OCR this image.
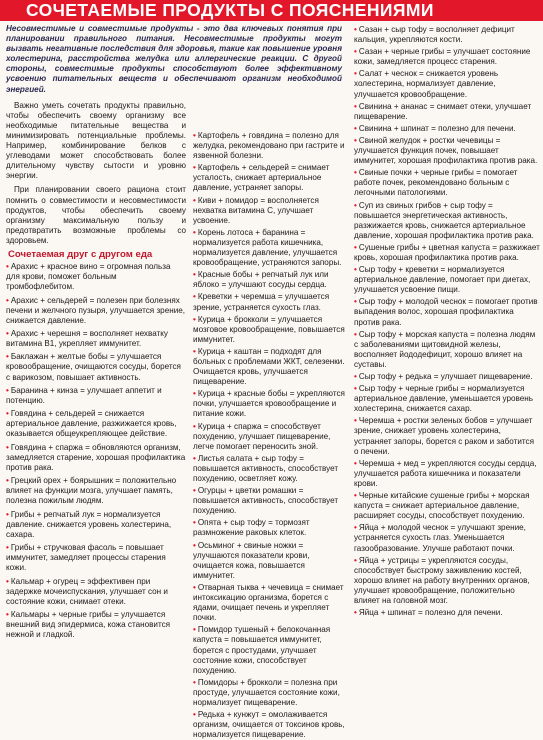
СОЧЕТАЕМЫЕ ПРОДУКТЫ С ПОЯСНЕНИЯМИ
Несовместимые и совместимые продукты - это два ключевых понятия при планировании правильного питания. Несовместимые продукты могут вызвать негативные последствия для здоровья, такие как повышение уровня холестерина, расстройства желудка или аллергические реакции. С другой стороны, совместимые продукты способствуют более эффективному усвоению питательных веществ и обеспечивают организм необходимой энергией.
Важно уметь сочетать продукты правильно, чтобы обеспечить своему организму все необходимые питательные вещества и минимизировать потенциальные проблемы. Например, комбинирование белков с углеводами может способствовать более длительному чувству сытости и уровню энергии.
При планировании своего рациона стоит помнить о совместимости и несовместимости продуктов, чтобы обеспечить своему организму максимальную пользу и предотвратить возможные проблемы со здоровьем.
Сочетаемая друг с другом еда
• Арахис + красное вино = огромная польза для крови, поможет больным тромбофлебитом.
• Арахис + сельдерей = полезен при болезнях печени и желчного пузыря, улучшается зрение, снижается давление.
• Арахис + черешня = восполняет нехватку витамина В1, укрепляет иммунитет.
• Баклажан + желтые бобы = улучшается кровообращение, очищаются сосуды, борется с варикозом, повышает активность.
• Баранина + кинза = улучшает аппетит и потенцию.
• Говядина + сельдерей = снижается артериальное давление, разжижается кровь, оказывается общеукрепляющее действие.
• Говядина + спаржа = обновляются организм, замедляется старение, хорошая профилактика против рака.
• Грецкий орех + боярышник = положительно влияет на функции мозга, улучшает память, полезна пожилым людям.
• Грибы + репчатый лук = нормализуется давление. снижается уровень холестерина, сахара.
• Грибы + стручковая фасоль = повышает иммунитет, замедляет процессы старения кожи.
• Кальмар + огурец = эффективен при задержке мочеиспускания, улучшает сон и состояние кожи, снимает отеки.
• Кальмары + черные грибы = улучшается внешний вид эпидермиса, кожа становится нежной и гладкой.
• Картофель + говядина = полезно для желудка, рекомендовано при гастрите и язвенной болезни.
• Картофель + сельдерей = снимает усталость, снижает артериальное давление, устраняет запоры.
• Киви + помидор = восполняется нехватка витамина С, улучшает усвоение.
• Корень лотоса + баранина = нормализуется работа кишечника, нормализуется давление, улучшается кровообращение, устраняются запоры.
• Красные бобы + репчатый лук или яблоко = улучшают сосуды сердца.
• Креветки + черемша = улучшается зрение, устраняется сухость глаз.
• Курица + брокколи = улучшается мозговое кровообращение, повышается иммунитет.
• Курица + каштан = подходят для больных с проблемами ЖКТ, селезенки. Очищается кровь, улучшается пищеварение.
• Курица + красные бобы = укрепляются почки, улучшается кровообращение и питание кожи.
• Курица + спаржа = способствует похудению, улучшает пищеварение, легче помогает переносить зной.
• Листья салата + сыр тофу = повышается активность, способствует похудению, осветляет кожу.
• Огурцы + цветки ромашки = повышается активность, способствует похудению.
• Опята + сыр тофу = тормозят размножение раковых клеток.
• Осьминог + свиные ножки = улучшаются показатели крови, очищается кожа, повышается иммунитет.
• Отварная тыква + чечевица = снимает интоксикацию организма, борется с ядами, очищает печень и укрепляет почки.
• Помидор тушеный + белокочанная капуста = повышается иммунитет, борется с простудами, улучшает состояние кожи, способствует похудению.
• Помидоры + брокколи = полезна при простуде, улучшается состояние кожи, нормализует пищеварение.
• Редька + кунжут = омолаживается организм, очищается от токсинов кровь, нормализуется пищеварение.
• Сазан + сыр тофу = восполняет дефицит кальция, укрепляются кости.
• Сазан + черные грибы = улучшает состояние кожи, замедляется процесс старения.
• Салат + чеснок = снижается уровень холестерина, нормализует давление, улучшается кровообращение.
• Свинина + ананас = снимает отеки, улучшает пищеварение.
• Свинина + шпинат = полезно для печени.
• Свиной желудок + ростки чечевицы = улучшается функция почек, повышает иммунитет, хорошая профилактика против рака.
• Свиные почки + черные грибы = помогает работе почек, рекомендовано больным с легочными патологиями.
• Суп из свиных грибов + сыр тофу = повышается энергетическая активность, разжижается кровь, снижается артериальное давление, хорошая профилактика против рака.
• Сушеные грибы + цветная капуста = разжижает кровь, хорошая профилактика против рака.
• Сыр тофу + креветки = нормализуется артериальное давление, помогает при диетах, улучшается усвоение пищи.
• Сыр тофу + молодой чеснок = помогает против выпадения волос, хорошая профилактика против рака.
• Сыр тофу + морская капуста = полезна людям с заболеваниями щитовидной железы, восполняет йододефицит, хорошо влияет на суставы.
• Сыр тофу + редька = улучшает пищеварение.
• Сыр тофу + черные грибы = нормализуется артериальное давление, уменьшается уровень холестерина, снижается сахар.
• Черемша + ростки зеленых бобов = улучшает зрение, снижает уровень холестерина, устраняет запоры, борется с раком и заботится о печени.
• Черемша + мед = укрепляются сосуды сердца, улучшается работа кишечника и показатели крови.
• Черные китайские сушеные грибы + морская капуста = снижает артериальное давление, расширяет сосуды, способствует похудению.
• Яйца + молодой чеснок = улучшают зрение, устраняется сухость глаз. Уменьшается газообразование. Улучше работают почки.
• Яйца + устрицы = укрепляются сосуды, способствует быстрому заживлению костей, хорошо влияет на работу внутренних органов, улучшает кровообращение, положительно влияет на головной мозг.
• Яйца + шпинат = полезно для печени.
